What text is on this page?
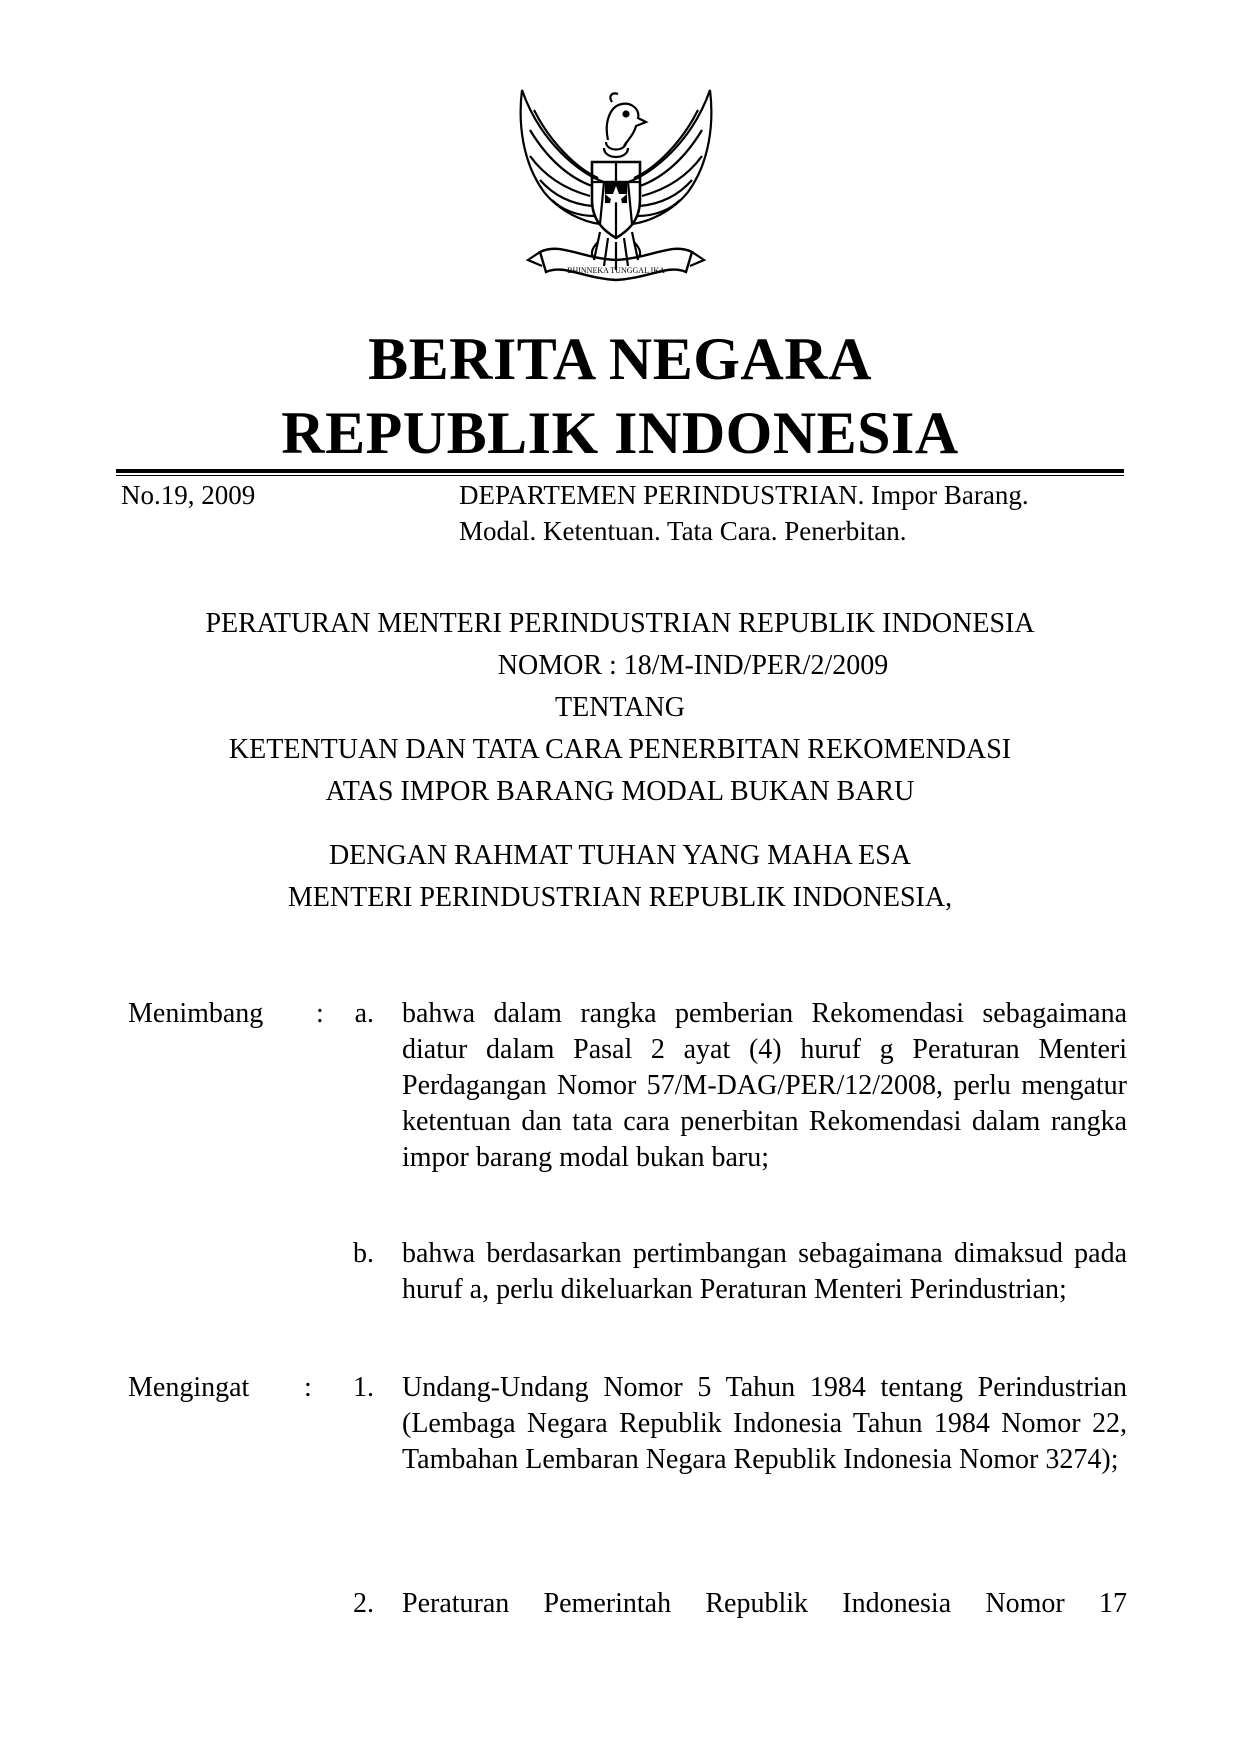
BHINNEKA TUNGGAL IKA
BERITA NEGARA
REPUBLIK INDONESIA
No.19, 2009	DEPARTEMEN PERINDUSTRIAN. Impor Barang.
Modal. Ketentuan. Tata Cara. Penerbitan.
PERATURAN MENTERI PERINDUSTRIAN REPUBLIK INDONESIA
NOMOR : 18/M-IND/PER/2/2009
TENTANG
KETENTUAN DAN TATA CARA PENERBITAN REKOMENDASI
ATAS IMPOR BARANG MODAL BUKAN BARU
DENGAN RAHMAT TUHAN YANG MAHA ESA
MENTERI PERINDUSTRIAN REPUBLIK INDONESIA,
Menimbang :	a. bahwa dalam rangka pemberian Rekomendasi sebagaimana diatur dalam Pasal 2 ayat (4) huruf g Peraturan Menteri Perdagangan Nomor 57/M-DAG/PER/12/2008, perlu mengatur ketentuan dan tata cara penerbitan Rekomendasi dalam rangka impor barang modal bukan baru;
b. bahwa berdasarkan pertimbangan sebagaimana dimaksud pada huruf a, perlu dikeluarkan Peraturan Menteri Perindustrian;
Mengingat :	1. Undang-Undang Nomor 5 Tahun 1984 tentang Perindustrian (Lembaga Negara Republik Indonesia Tahun 1984 Nomor 22, Tambahan Lembaran Negara Republik Indonesia Nomor 3274);
2. Peraturan Pemerintah Republik Indonesia Nomor 17
